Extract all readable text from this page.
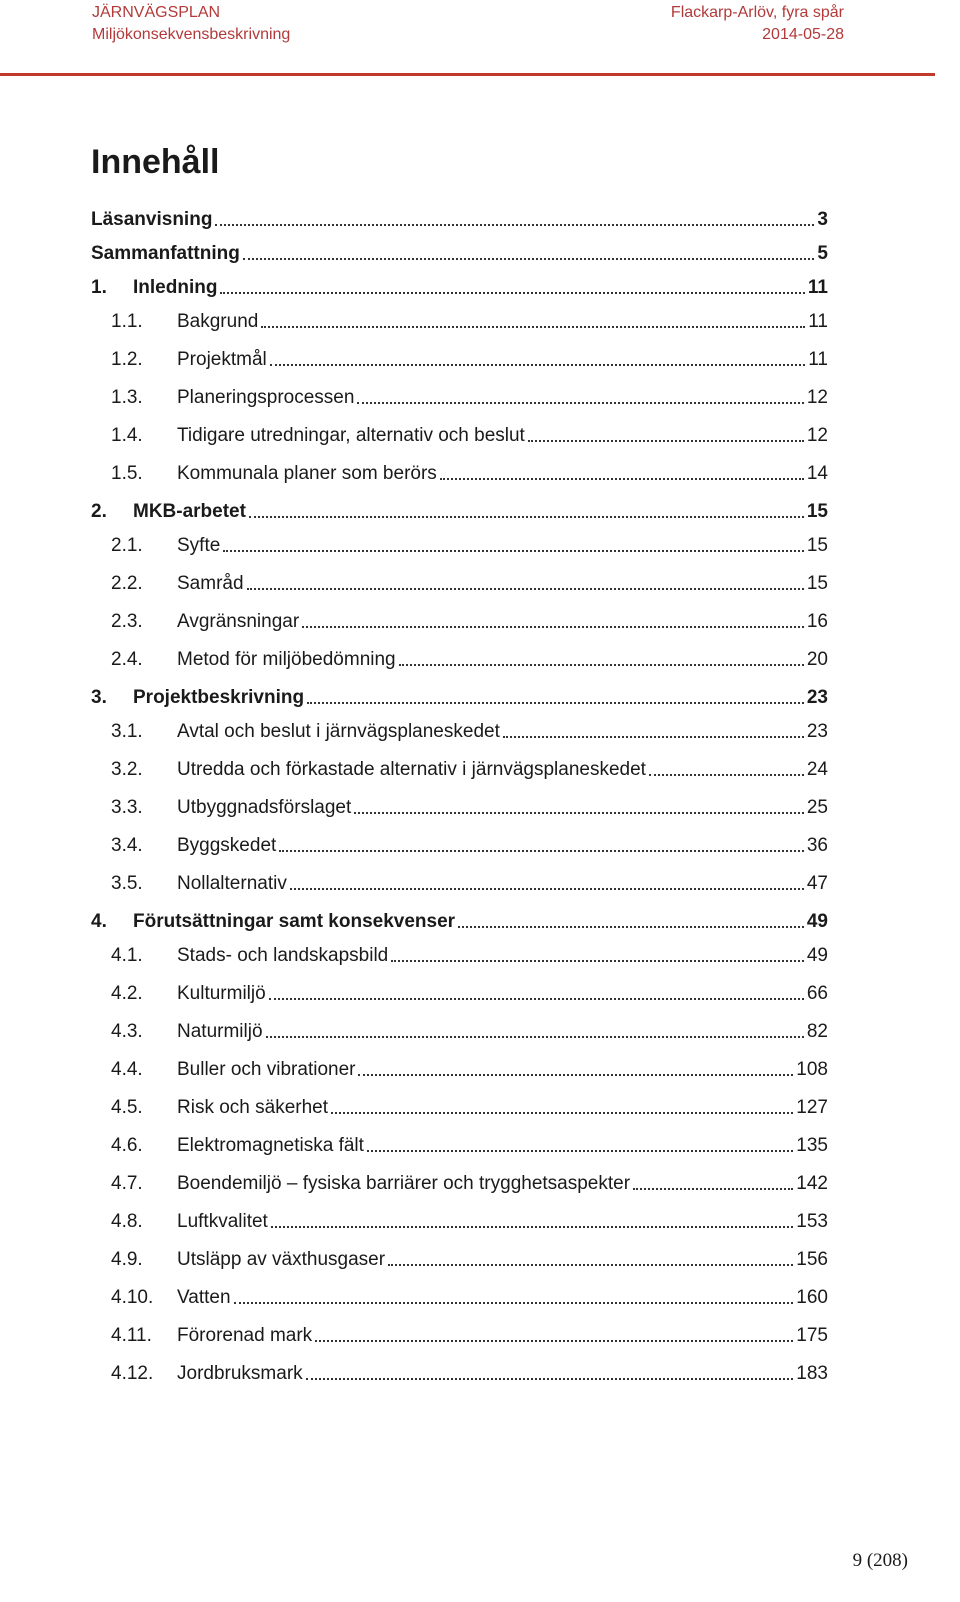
JÄRNVÄGSPLAN
Miljökonsekvensbeskrivning
Flackarp-Arlöv, fyra spår
2014-05-28
Innehåll
Läsanvisning	3
Sammanfattning	5
1.	Inledning	11
1.1.	Bakgrund	11
1.2.	Projektmål	11
1.3.	Planeringsprocessen	12
1.4.	Tidigare utredningar, alternativ och beslut	12
1.5.	Kommunala planer som berörs	14
2.	MKB-arbetet	15
2.1.	Syfte	15
2.2.	Samråd	15
2.3.	Avgränsningar	16
2.4.	Metod för miljöbedömning	20
3.	Projektbeskrivning	23
3.1.	Avtal och beslut i järnvägsplaneskedet	23
3.2.	Utredda och förkastade alternativ i järnvägsplaneskedet	24
3.3.	Utbyggnadsförslaget	25
3.4.	Byggskedet	36
3.5.	Nollalternativ	47
4.	Förutsättningar samt konsekvenser	49
4.1.	Stads- och landskapsbild	49
4.2.	Kulturmiljö	66
4.3.	Naturmiljö	82
4.4.	Buller och vibrationer	108
4.5.	Risk och säkerhet	127
4.6.	Elektromagnetiska fält	135
4.7.	Boendemiljö – fysiska barriärer och trygghetsaspekter	142
4.8.	Luftkvalitet	153
4.9.	Utsläpp av växthusgaser	156
4.10.	Vatten	160
4.11.	Förorenad mark	175
4.12.	Jordbruksmark	183
9 (208)
